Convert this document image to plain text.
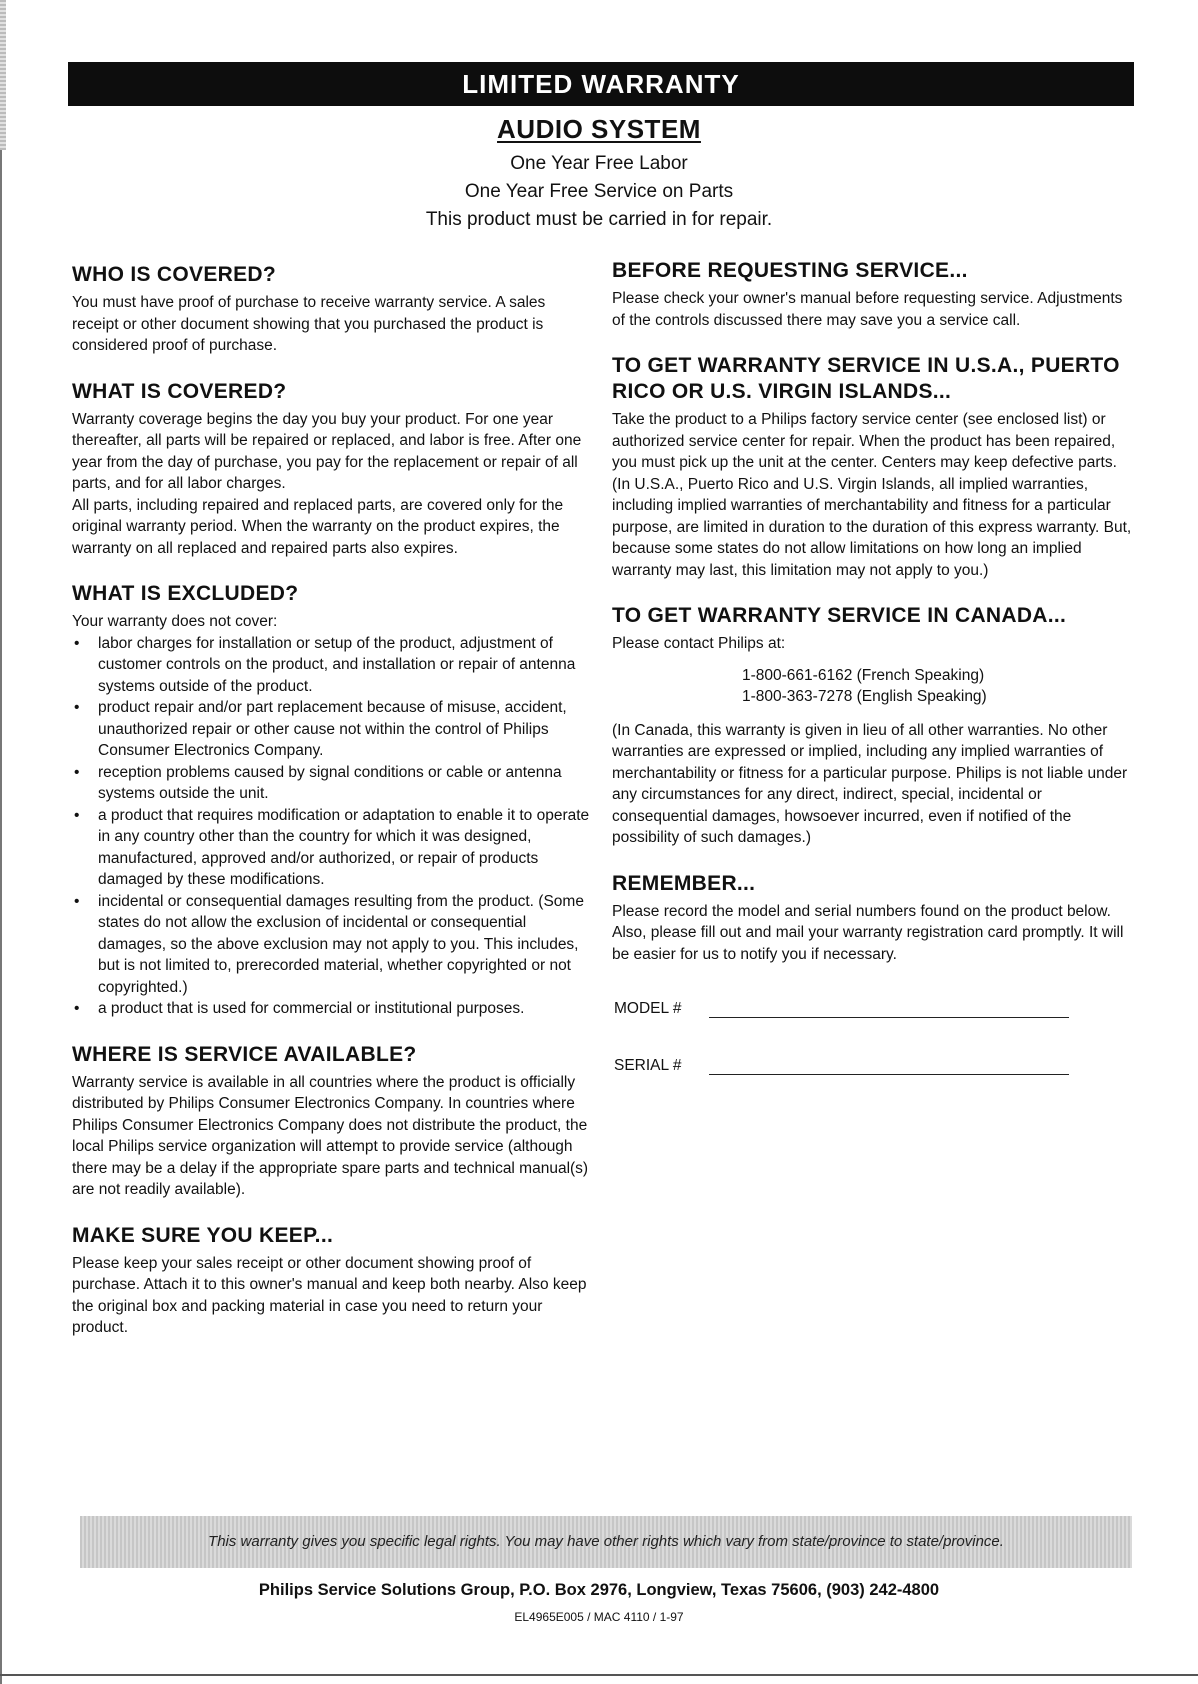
LIMITED WARRANTY
AUDIO SYSTEM

One Year Free Labor

One Year Free Service on Parts

This product must be carried in for repair.

WHO IS COVERED?

You must have proof of purchase to receive warranty service. A sales receipt or other document showing that you purchased the product is considered proof of purchase.

WHAT IS COVERED?

Warranty coverage begins the day you buy your product. For one year thereafter, all parts will be repaired or replaced, and labor is free. After one year from the day of purchase, you pay for the replacement or repair of all parts, and for all labor charges.

All parts, including repaired and replaced parts, are covered only for the original warranty period. When the warranty on the product expires, the warranty on all replaced and repaired parts also expires.

WHAT IS EXCLUDED?

Your warranty does not cover:

• labor charges for installation or setup of the product, adjustment of customer controls on the product, and installation or repair of antenna systems outside of the product.
• product repair and/or part replacement because of misuse, accident, unauthorized repair or other cause not within the control of Philips Consumer Electronics Company.
• reception problems caused by signal conditions or cable or antenna systems outside the unit.
• a product that requires modification or adaptation to enable it to operate in any country other than the country for which it was designed, manufactured, approved and/or authorized, or repair of products damaged by these modifications.
• incidental or consequential damages resulting from the product. (Some states do not allow the exclusion of incidental or consequential damages, so the above exclusion may not apply to you. This includes, but is not limited to, prerecorded material, whether copyrighted or not copyrighted.)
• a product that is used for commercial or institutional purposes.
WHERE IS SERVICE AVAILABLE?

Warranty service is available in all countries where the product is officially distributed by Philips Consumer Electronics Company. In countries where Philips Consumer Electronics Company does not distribute the product, the local Philips service organization will attempt to provide service (although there may be a delay if the appropriate spare parts and technical manual(s) are not readily available).

MAKE SURE YOU KEEP...

Please keep your sales receipt or other document showing proof of purchase. Attach it to this owner's manual and keep both nearby. Also keep the original box and packing material in case you need to return your product.

BEFORE REQUESTING SERVICE...

Please check your owner's manual before requesting service. Adjustments of the controls discussed there may save you a service call.

TO GET WARRANTY SERVICE IN U.S.A., PUERTO RICO OR U.S. VIRGIN ISLANDS...

Take the product to a Philips factory service center (see enclosed list) or authorized service center for repair. When the product has been repaired, you must pick up the unit at the center. Centers may keep defective parts. (In U.S.A., Puerto Rico and U.S. Virgin Islands, all implied warranties, including implied warranties of merchantability and fitness for a particular purpose, are limited in duration to the duration of this express warranty. But, because some states do not allow limitations on how long an implied warranty may last, this limitation may not apply to you.)

TO GET WARRANTY SERVICE IN CANADA...

Please contact Philips at:

1-800-661-6162 (French Speaking)
1-800-363-7278 (English Speaking)

(In Canada, this warranty is given in lieu of all other warranties. No other warranties are expressed or implied, including any implied warranties of merchantability or fitness for a particular purpose. Philips is not liable under any circumstances for any direct, indirect, special, incidental or consequential damages, howsoever incurred, even if notified of the possibility of such damages.)

REMEMBER...

Please record the model and serial numbers found on the product below. Also, please fill out and mail your warranty registration card promptly. It will be easier for us to notify you if necessary.

MODEL #
SERIAL #
This warranty gives you specific legal rights. You may have other rights which vary from state/province to state/province.
Philips Service Solutions Group, P.O. Box 2976, Longview, Texas 75606, (903) 242-4800
EL4965E005 / MAC 4110 / 1-97
